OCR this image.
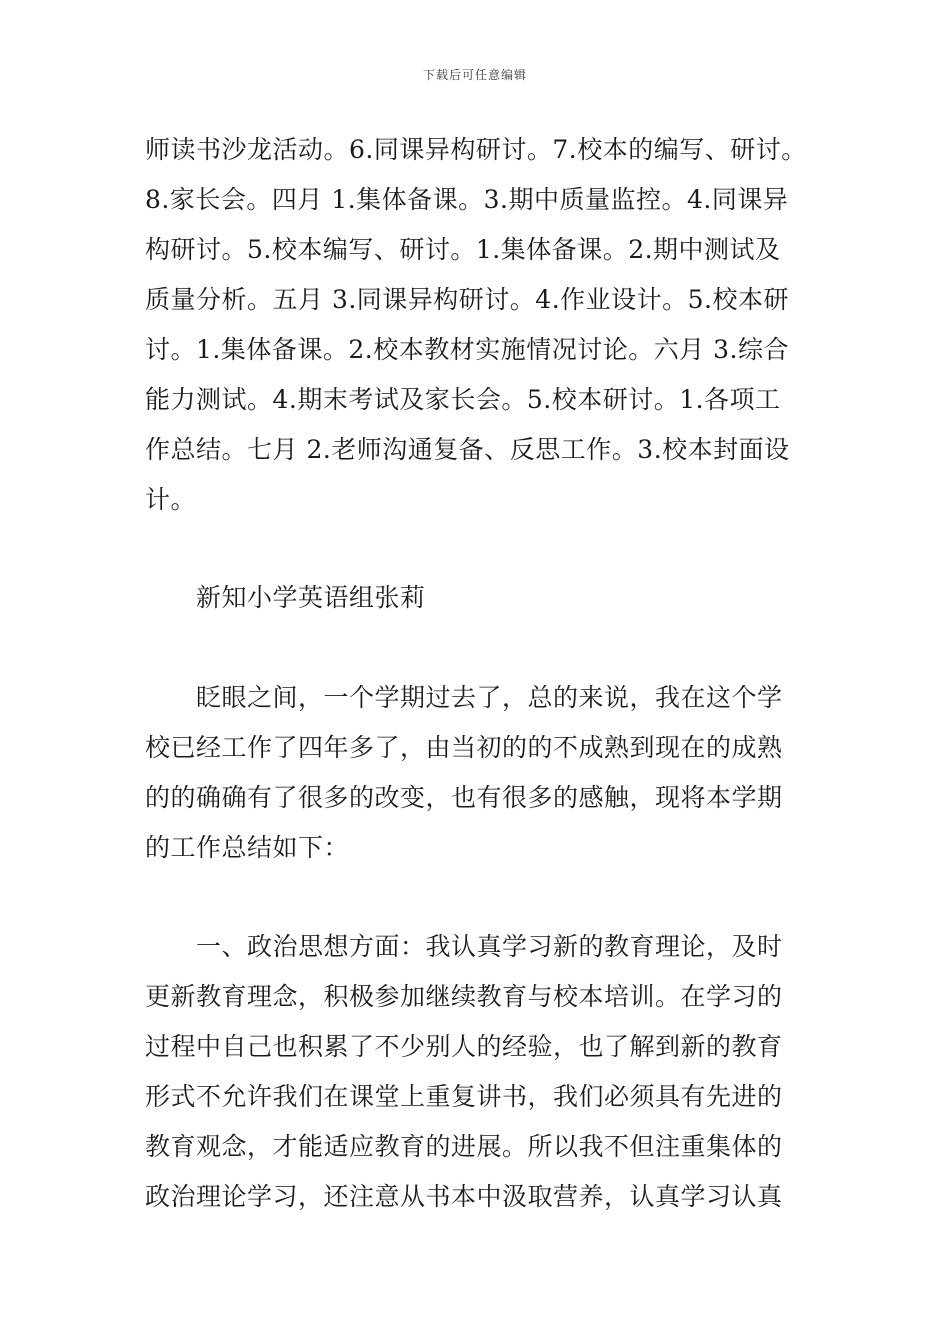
下载后可任意编辑
师读书沙龙活动。6.同课异构研讨。7.校本的编写、研讨。
8.家长会。四月 1.集体备课。3.期中质量监控。4.同课异
构研讨。5.校本编写、研讨。1.集体备课。2.期中测试及
质量分析。五月 3.同课异构研讨。4.作业设计。5.校本研
讨。1.集体备课。2.校本教材实施情况讨论。六月 3.综合
能力测试。4.期末考试及家长会。5.校本研讨。1.各项工
作总结。七月 2.老师沟通复备、反思工作。3.校本封面设
计。
新知小学英语组张莉
眨眼之间，一个学期过去了，总的来说，我在这个学
校已经工作了四年多了，由当初的的不成熟到现在的成熟
的的确确有了很多的改变，也有很多的感触，现将本学期
的工作总结如下：
一、政治思想方面：我认真学习新的教育理论，及时
更新教育理念，积极参加继续教育与校本培训。在学习的
过程中自己也积累了不少别人的经验，也了解到新的教育
形式不允许我们在课堂上重复讲书，我们必须具有先进的
教育观念，才能适应教育的进展。所以我不但注重集体的
政治理论学习，还注意从书本中汲取营养，认真学习认真
